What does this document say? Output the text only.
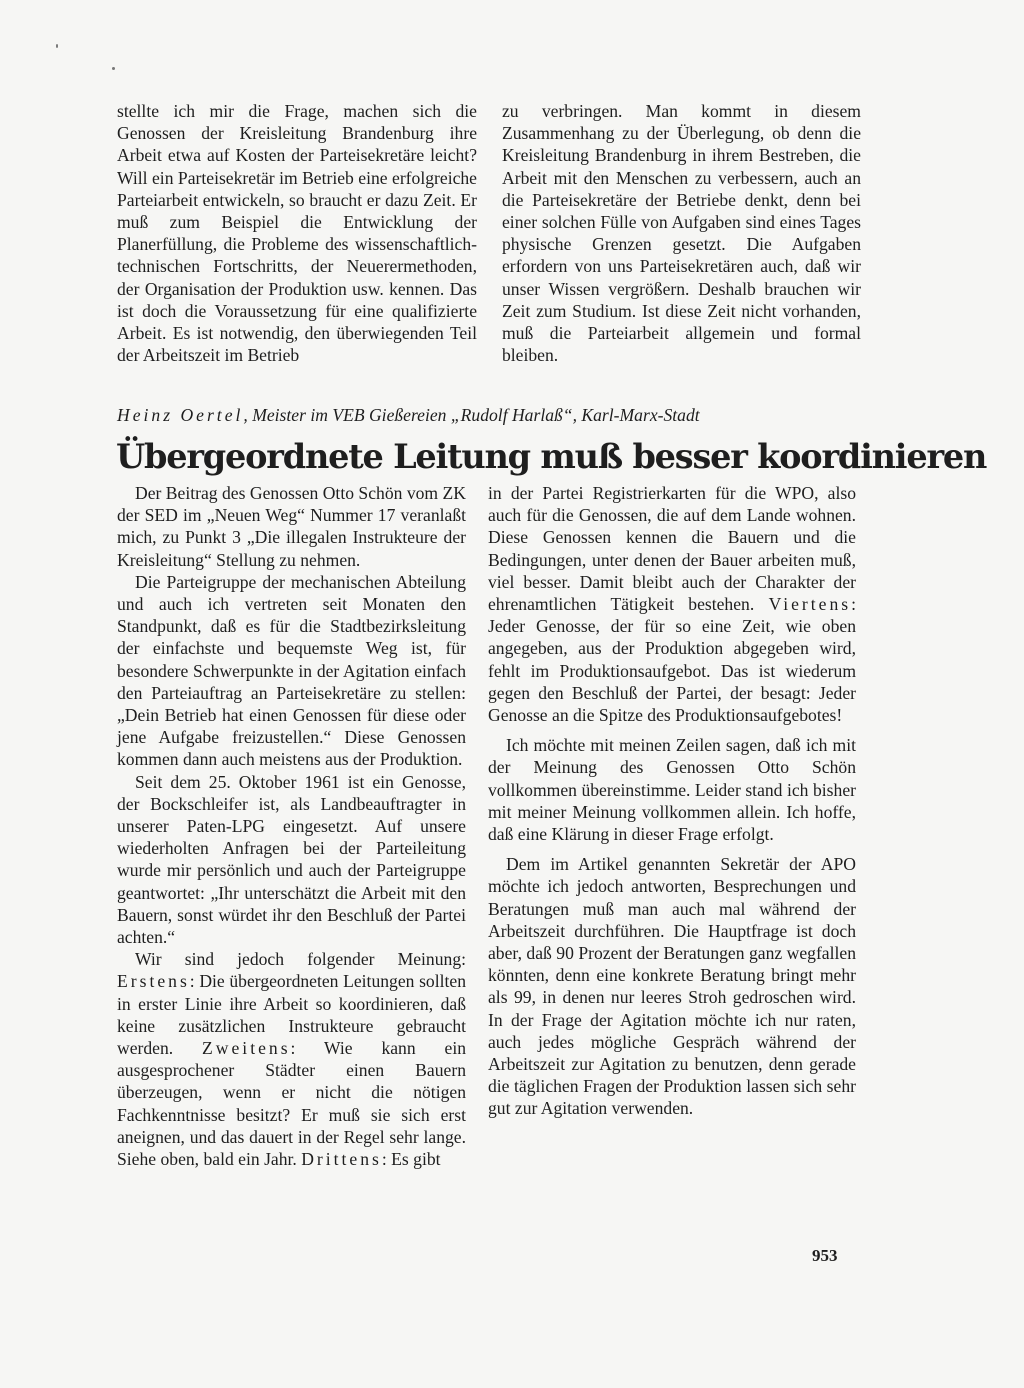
stellte ich mir die Frage, machen sich die Genossen der Kreisleitung Brandenburg ihre Arbeit etwa auf Kosten der Parteisekretäre leicht? Will ein Parteisekretär im Betrieb eine erfolgreiche Parteiarbeit entwickeln, so braucht er dazu Zeit. Er muß zum Beispiel die Entwicklung der Planerfüllung, die Probleme des wissenschaftlich-technischen Fortschritts, der Neuerermethoden, der Organisation der Produktion usw. kennen. Das ist doch die Voraussetzung für eine qualifizierte Arbeit. Es ist notwendig, den überwiegenden Teil der Arbeitszeit im Betrieb

zu verbringen. Man kommt in diesem Zusammenhang zu der Überlegung, ob denn die Kreisleitung Brandenburg in ihrem Bestreben, die Arbeit mit den Menschen zu verbessern, auch an die Parteisekretäre der Betriebe denkt, denn bei einer solchen Fülle von Aufgaben sind eines Tages physische Grenzen gesetzt. Die Aufgaben erfordern von uns Parteisekretären auch, daß wir unser Wissen vergrößern. Deshalb brauchen wir Zeit zum Studium. Ist diese Zeit nicht vorhanden, muß die Parteiarbeit allgemein und formal bleiben.

Heinz Oertel, Meister im VEB Gießereien „Rudolf Harlaß“, Karl-Marx-Stadt
Übergeordnete Leitung muß besser koordinieren

Der Beitrag des Genossen Otto Schön vom ZK der SED im „Neuen Weg“ Nummer 17 veranlaßt mich, zu Punkt 3 „Die illegalen Instrukteure der Kreisleitung“ Stellung zu nehmen.

Die Parteigruppe der mechanischen Abteilung und auch ich vertreten seit Monaten den Standpunkt, daß es für die Stadtbezirksleitung der einfachste und bequemste Weg ist, für besondere Schwerpunkte in der Agitation einfach den Parteiauftrag an Parteisekretäre zu stellen: „Dein Betrieb hat einen Genossen für diese oder jene Aufgabe freizustellen.“ Diese Genossen kommen dann auch meistens aus der Produktion.

Seit dem 25. Oktober 1961 ist ein Genosse, der Bockschleifer ist, als Landbeauftragter in unserer Paten-LPG eingesetzt. Auf unsere wiederholten Anfragen bei der Parteileitung wurde mir persönlich und auch der Parteigruppe geantwortet: „Ihr unterschätzt die Arbeit mit den Bauern, sonst würdet ihr den Beschluß der Partei achten.“

Wir sind jedoch folgender Meinung: Erstens: Die übergeordneten Leitungen sollten in erster Linie ihre Arbeit so koordinieren, daß keine zusätzlichen Instrukteure gebraucht werden. Zweitens: Wie kann ein ausgesprochener Städter einen Bauern überzeugen, wenn er nicht die nötigen Fachkenntnisse besitzt? Er muß sie sich erst aneignen, und das dauert in der Regel sehr lange. Siehe oben, bald ein Jahr. Drittens: Es gibt

in der Partei Registrierkarten für die WPO, also auch für die Genossen, die auf dem Lande wohnen. Diese Genossen kennen die Bauern und die Bedingungen, unter denen der Bauer arbeiten muß, viel besser. Damit bleibt auch der Charakter der ehrenamtlichen Tätigkeit bestehen. Viertens: Jeder Genosse, der für so eine Zeit, wie oben angegeben, aus der Produktion abgegeben wird, fehlt im Produktionsaufgebot. Das ist wiederum gegen den Beschluß der Partei, der besagt: Jeder Genosse an die Spitze des Produktionsaufgebotes!

Ich möchte mit meinen Zeilen sagen, daß ich mit der Meinung des Genossen Otto Schön vollkommen übereinstimme. Leider stand ich bisher mit meiner Meinung vollkommen allein. Ich hoffe, daß eine Klärung in dieser Frage erfolgt.

Dem im Artikel genannten Sekretär der APO möchte ich jedoch antworten, Besprechungen und Beratungen muß man auch mal während der Arbeitszeit durchführen. Die Hauptfrage ist doch aber, daß 90 Prozent der Beratungen ganz wegfallen könnten, denn eine konkrete Beratung bringt mehr als 99, in denen nur leeres Stroh gedroschen wird. In der Frage der Agitation möchte ich nur raten, auch jedes mögliche Gespräch während der Arbeitszeit zur Agitation zu benutzen, denn gerade die täglichen Fragen der Produktion lassen sich sehr gut zur Agitation verwenden.

953
